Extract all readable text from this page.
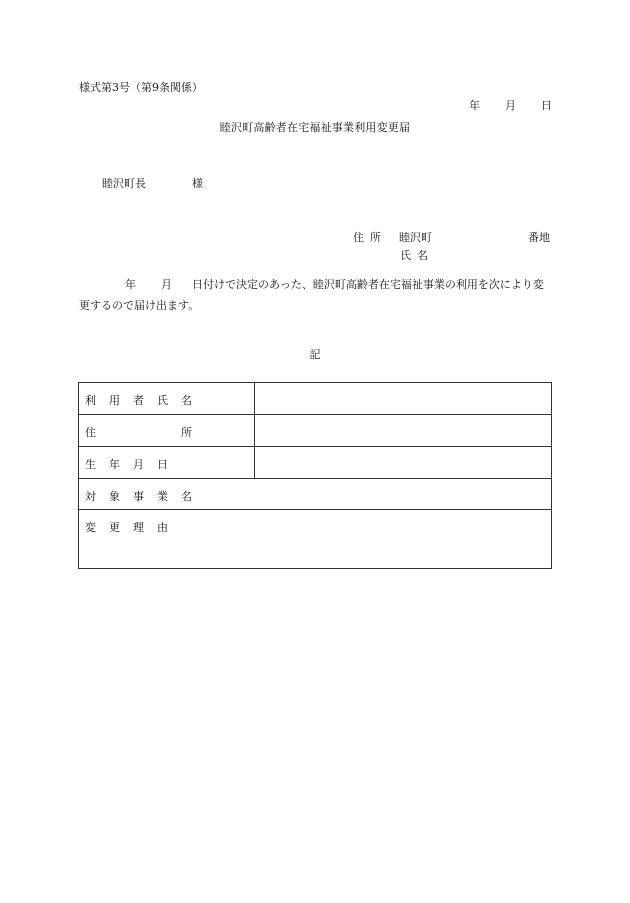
様式第3号（第9条関係）
年 月 日
睦沢町高齢者在宅福祉事業利用変更届
睦沢町長	様
住所 睦沢町	番地
氏名
年 月 日付けで決定のあった、睦沢町高齢者在宅福祉事業の利用を次により変更するので届け出ます。
記
利 用 者 氏 名
住	所
生 年 月 日
対 象 事 業 名
変 更 理 由
